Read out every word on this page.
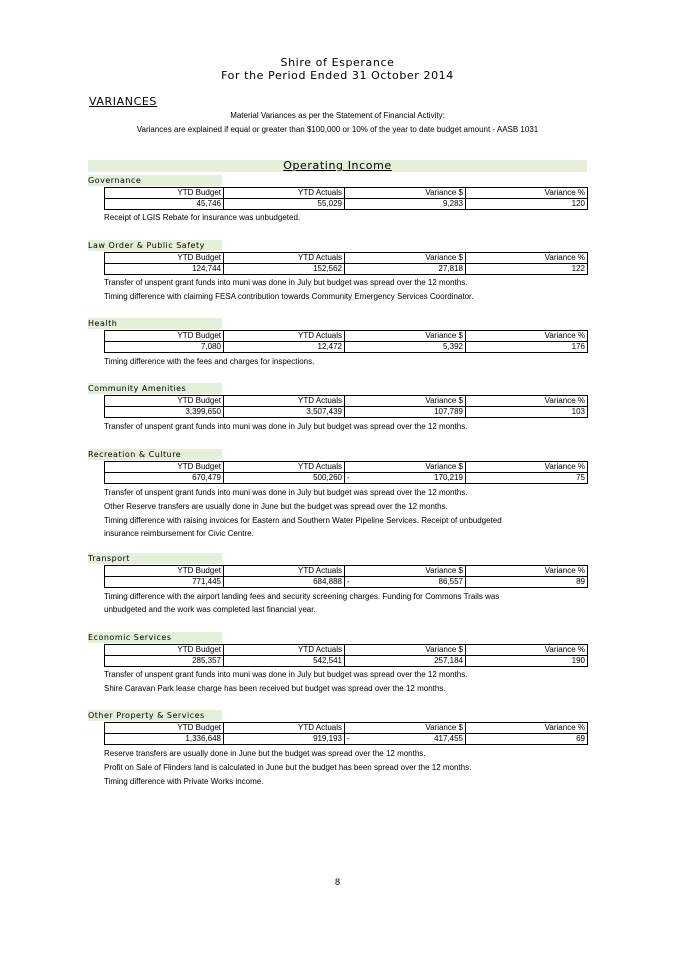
Shire of Esperance
For the Period Ended 31 October 2014
VARIANCES
Material Variances as per the Statement of Financial Activity:
Variances are explained if equal or greater than $100,000 or 10% of the year to date budget amount - AASB 1031
Operating Income
Governance
YTD Budget	YTD Actuals	Variance $	Variance %
45,746	55,029	9,283	120
Receipt of LGIS Rebate for insurance was unbudgeted.
Law Order & Public Safety
YTD Budget	YTD Actuals	Variance $	Variance %
124,744	152,562	27,818	122
Transfer of unspent grant funds into muni was done in July but budget was spread over the 12 months.
Timing difference with claiming FESA contribution towards Community Emergency Services Coordinator.
Health
YTD Budget	YTD Actuals	Variance $	Variance %
7,080	12,472	5,392	176
Timing difference with the fees and charges for inspections.
Community Amenities
YTD Budget	YTD Actuals	Variance $	Variance %
3,399,650	3,507,439	107,789	103
Transfer of unspent grant funds into muni was done in July but budget was spread over the 12 months.
Recreation & Culture
YTD Budget	YTD Actuals	Variance $	Variance %
670,479	500,260	- 170,219	75
Transfer of unspent grant funds into muni was done in July but budget was spread over the 12 months.
Other Reserve transfers are usually done in June but the budget was spread over the 12 months.
Timing difference with raising invoices for Eastern and Southern Water Pipeline Services. Receipt of unbudgeted
insurance reimbursement for Civic Centre.
Transport
YTD Budget	YTD Actuals	Variance $	Variance %
771,445	684,888	- 86,557	89
Timing difference with the airport landing fees and security screening charges. Funding for Commons Trails was
unbudgeted and the work was completed last financial year.
Economic Services
YTD Budget	YTD Actuals	Variance $	Variance %
285,357	542,541	257,184	190
Transfer of unspent grant funds into muni was done in July but budget was spread over the 12 months.
Shire Caravan Park lease charge has been received but budget was spread over the 12 months.
Other Property & Services
YTD Budget	YTD Actuals	Variance $	Variance %
1,336,648	919,193	- 417,455	69
Reserve transfers are usually done in June but the budget was spread over the 12 months.
Profit on Sale of Flinders land is calculated in June but the budget has been spread over the 12 months.
Timing difference with Private Works income.
8
